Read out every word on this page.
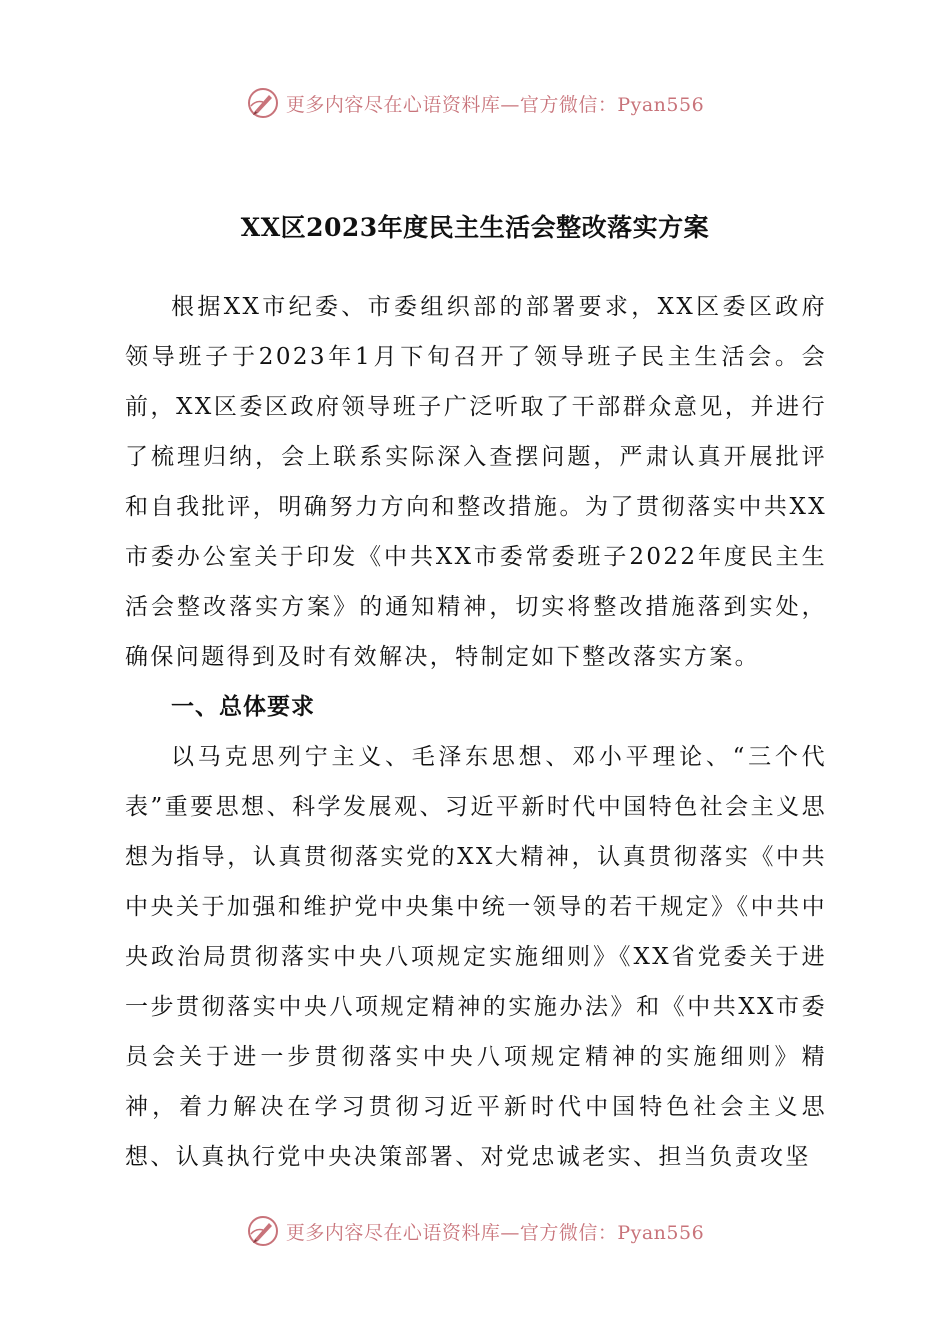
更多内容尽在心语资料库—官方微信：Pyan556
XX区2023年度民主生活会整改落实方案

根据XX市纪委、市委组织部的部署要求，XX区委区政府领导班子于2023年1月下旬召开了领导班子民主生活会。会前，XX区委区政府领导班子广泛听取了干部群众意见，并进行了梳理归纳，会上联系实际深入查摆问题，严肃认真开展批评和自我批评，明确努力方向和整改措施。为了贯彻落实中共XX市委办公室关于印发《中共XX市委常委班子2022年度民主生活会整改落实方案》的通知精神，切实将整改措施落到实处，确保问题得到及时有效解决，特制定如下整改落实方案。

一、总体要求

以马克思列宁主义、毛泽东思想、邓小平理论、“三个代表”重要思想、科学发展观、习近平新时代中国特色社会主义思想为指导，认真贯彻落实党的XX大精神，认真贯彻落实《中共中央关于加强和维护党中央集中统一领导的若干规定》《中共中央政治局贯彻落实中央八项规定实施细则》《XX省党委关于进一步贯彻落实中央八项规定精神的实施办法》和《中共XX市委员会关于进一步贯彻落实中央八项规定精神的实施细则》精神，着力解决在学习贯彻习近平新时代中国特色社会主义思想、认真执行党中央决策部署、对党忠诚老实、担当负责攻坚

更多内容尽在心语资料库—官方微信：Pyan556
